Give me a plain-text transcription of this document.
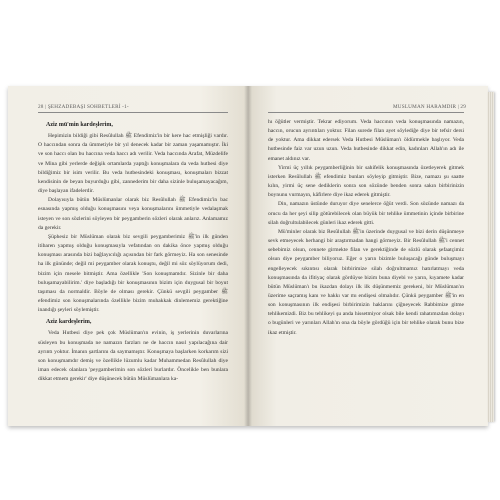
28 | ŞEHZADEBAŞI SOHBETLERİ -1-
Aziz mü'min kardeşlerim,

Hepimizin bildiği gibi Resûlullah ﷺ Efendimiz'in bir kere hac etmişliği vardır. O haccından sonra da ümmetiyle bir yıl denecek kadar bir zaman yaşamamıştır. İki ve son haccı olan bu haccına veda haccı adı verilir. Veda haccında Arafat, Müzdelife ve Mina gibi yerlerde değişik ortamlarda yaptığı konuşmalara da veda hutbesi diye bildiğimiz bir isim verilir. Bu veda hutbesindeki konuşması, konuşmaları bizzat kendisinin de beyan buyurduğu gibi, zannederim bir daha sizinle buluşamayacağım, diye başlayan ifadelerdir.

Dolayısıyla bütün Müslümanlar olarak biz Resûlullah ﷺ Efendimiz'in bac esnasında yapmış olduğu konuşmasını veya konuşmalarını ümmetiyle vedalaşmak isteyen ve son sözlerini söyleyen bir peygamberin sözleri olarak anlarız. Anlamamız da gerekir.

Şüphesiz bir Müslüman olarak biz sevgili peygamberimiz ﷺ'in ilk günden itibaren yapmış olduğu konuşmasıyla vefatından on dakika önce yapmış olduğu konuşması arasında bizi bağlayıcılığı açısından bir fark görmeyiz. Ha son senesinde ha ilk gününde; değil mi peygamber olarak konuştu, değil mi söz söylüyorum dedi, bizim için mesele bitmiştir. Ama özellikle 'Son konuşmamdır. Sizinle bir daha buluşamayabilirim.' diye başladığı bir konuşmasının bizim için duygusal bir boyut taşıması da normaldir. Böyle de olması gerekir. Çünkü sevgili peygamber ﷺ efendimiz son konuşmalarında özellikle bizim muhakkak dinlememiz gerektiğine inandığı şeyleri söylemiştir.

Aziz kardeşlerim,

Veda Hutbesi diye pek çok Müslüman'ın evinin, iş yerlerinin duvarlarına süsleyen bu konuşmada ne namazın farzları ne de haccın nasıl yapılacağına dair ayrıntı yoktur. İmanın şartlarını da saymamıştır. Konuşmaya başlarken korkarım sizi son konuşmamdır demiş ve özellikle lüzumlu kadar Muhammedan Resûlullah diye iman edecek olanlara 'peygamberimin son sözleri burlardır. Öncelikle ben bunlara dikkat etmem gerekir' diye düşünecek bütün Müslümanlara ka-

MUSLUMAN HARAMDIR | 29

hı öğütler vermiştir. Tekrar ediyorum. Veda haccının veda konuşmasında namazın, haccın, orucun ayrıntıları yoktur. Filan surede filan ayet söylediğe diye bir tefsir dersi de yoktur. Ama dikkat edersek Veda Hutbesi Müslüman'ı öldürmekle başlıyor. Veda hutbesinde faiz var uzun uzun. Veda hutbesinde dikkat edin, kadınları Allah'ın adı ile emanet aldınız var.

Yirmi üç yıllık peygamberliğinin bir sahifelik konuşmasında özetleyerek gitmek isterken Resûlullah ﷺ efendimiz bunları söyleyip gitmiştir. Bize, namazı şu saatte kılın, yirmi üç sene dediklerin sonra son sözünde benden sonra sakın birbirinizin boynunu vurmayın, kâfirlere diye ikaz ederek gitmiştir.

Din, namazın üstünde duruyor diye senelerce öğüt verdi. Son sözünde namazı da orucu da her şeyi silip götürebilecek olan büyük bir tehlike ümmetinin içinde birbirine silah doğrultulabilecek günleri ikaz ederek gitti.

Mü'minler olarak biz Resûlullah ﷺ'in üzerinde duygusal ve bizi derin düşünmeye sevk etmeyecek herhangi bir araştırmadan hangi görmeyiz. Bir Resûlullah ﷺ'i cennet sebebimiz olsun, cennete girmekte filan ve gerektiğinde de sözlü olarak şefaatçimiz olsun diye peygamber biliyoruz. Eğer o yarın bizimle buluşacağı günde buluşmayı engelleyecek sıkıntısı olarak birbirimize silah doğrultmamız hatırlatmayı veda konuşmasında da ifitiyaç olarak gördüyse bizim buna diyebi ve yarın, kıyamete kadar bütün Müslüman'ı bu ikazdan dolayı ilk ilk düşünmemiz gerekeni, bir Müslüman'ın üzerime saçramış kanı ve hakkı var mı endişesi olmalıdır. Çünkü peygamber ﷺ'in en son konuşmasının ilk endişesi birbirimizin haklarını çiğneyecek Rabbimize gitme tehlikemizdi. Biz bu tehlikeyi şu anda hissetmiyor olsak bile kendi rahatımızdan dolayı o bugünleri ve yarınları Allah'ın ona da böyle gördüğü için bir tehlike olarak bunu bize ikaz etmiştir.
